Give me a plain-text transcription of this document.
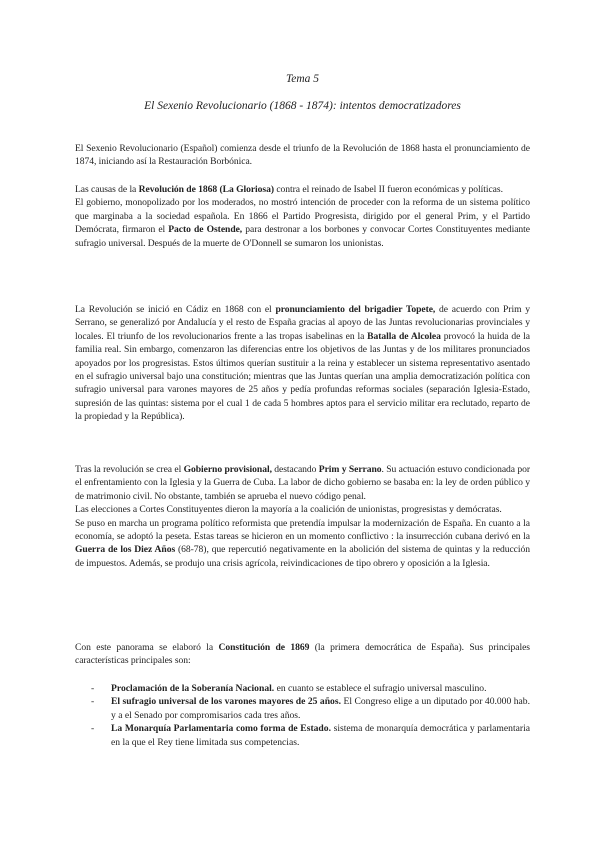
Tema 5
El Sexenio Revolucionario (1868 - 1874): intentos democratizadores
El Sexenio Revolucionario (Español) comienza desde el triunfo de la Revolución de 1868 hasta el pronunciamiento de 1874, iniciando así la Restauración Borbónica.
Las causas de la Revolución de 1868 (La Gloriosa) contra el reinado de Isabel II fueron económicas y políticas.
El gobierno, monopolizado por los moderados, no mostró intención de proceder con la reforma de un sistema político que marginaba a la sociedad española. En 1866 el Partido Progresista, dirigido por el general Prim, y el Partido Demócrata, firmaron el Pacto de Ostende, para destronar a los borbones y convocar Cortes Constituyentes mediante sufragio universal. Después de la muerte de O'Donnell se sumaron los unionistas.
La Revolución se inició en Cádiz en 1868 con el pronunciamiento del brigadier Topete, de acuerdo con Prim y Serrano, se generalizó por Andalucía y el resto de España gracias al apoyo de las Juntas revolucionarias provinciales y locales. El triunfo de los revolucionarios frente a las tropas isabelinas en la Batalla de Alcolea provocó la huida de la familia real. Sin embargo, comenzaron las diferencias entre los objetivos de las Juntas y de los militares pronunciados apoyados por los progresistas. Estos últimos querían sustituir a la reina y establecer un sistema representativo asentado en el sufragio universal bajo una constitución; mientras que las Juntas querían una amplia democratización política con sufragio universal para varones mayores de 25 años y pedía profundas reformas sociales (separación Iglesia-Estado, supresión de las quintas: sistema por el cual 1 de cada 5 hombres aptos para el servicio militar era reclutado, reparto de la propiedad y la República).
Tras la revolución se crea el Gobierno provisional, destacando Prim y Serrano. Su actuación estuvo condicionada por el enfrentamiento con la Iglesia y la Guerra de Cuba. La labor de dicho gobierno se basaba en: la ley de orden público y de matrimonio civil. No obstante, también se aprueba el nuevo código penal.
Las elecciones a Cortes Constituyentes dieron la mayoría a la coalición de unionistas, progresistas y demócratas.
Se puso en marcha un programa político reformista que pretendía impulsar la modernización de España. En cuanto a la economía, se adoptó la peseta. Estas tareas se hicieron en un momento conflictivo : la insurrección cubana derivó en la Guerra de los Diez Años (68-78), que repercutió negativamente en la abolición del sistema de quintas y la reducción de impuestos. Además, se produjo una crisis agrícola, reivindicaciones de tipo obrero y oposición a la Iglesia.
Con este panorama se elaboró la Constitución de 1869 (la primera democrática de España). Sus principales características principales son:
- Proclamación de la Soberanía Nacional. en cuanto se establece el sufragio universal masculino.
- El sufragio universal de los varones mayores de 25 años. El Congreso elige a un diputado por 40.000 hab. y a el Senado por compromisarios cada tres años.
- La Monarquía Parlamentaria como forma de Estado. sistema de monarquía democrática y parlamentaria en la que el Rey tiene limitada sus competencias.
